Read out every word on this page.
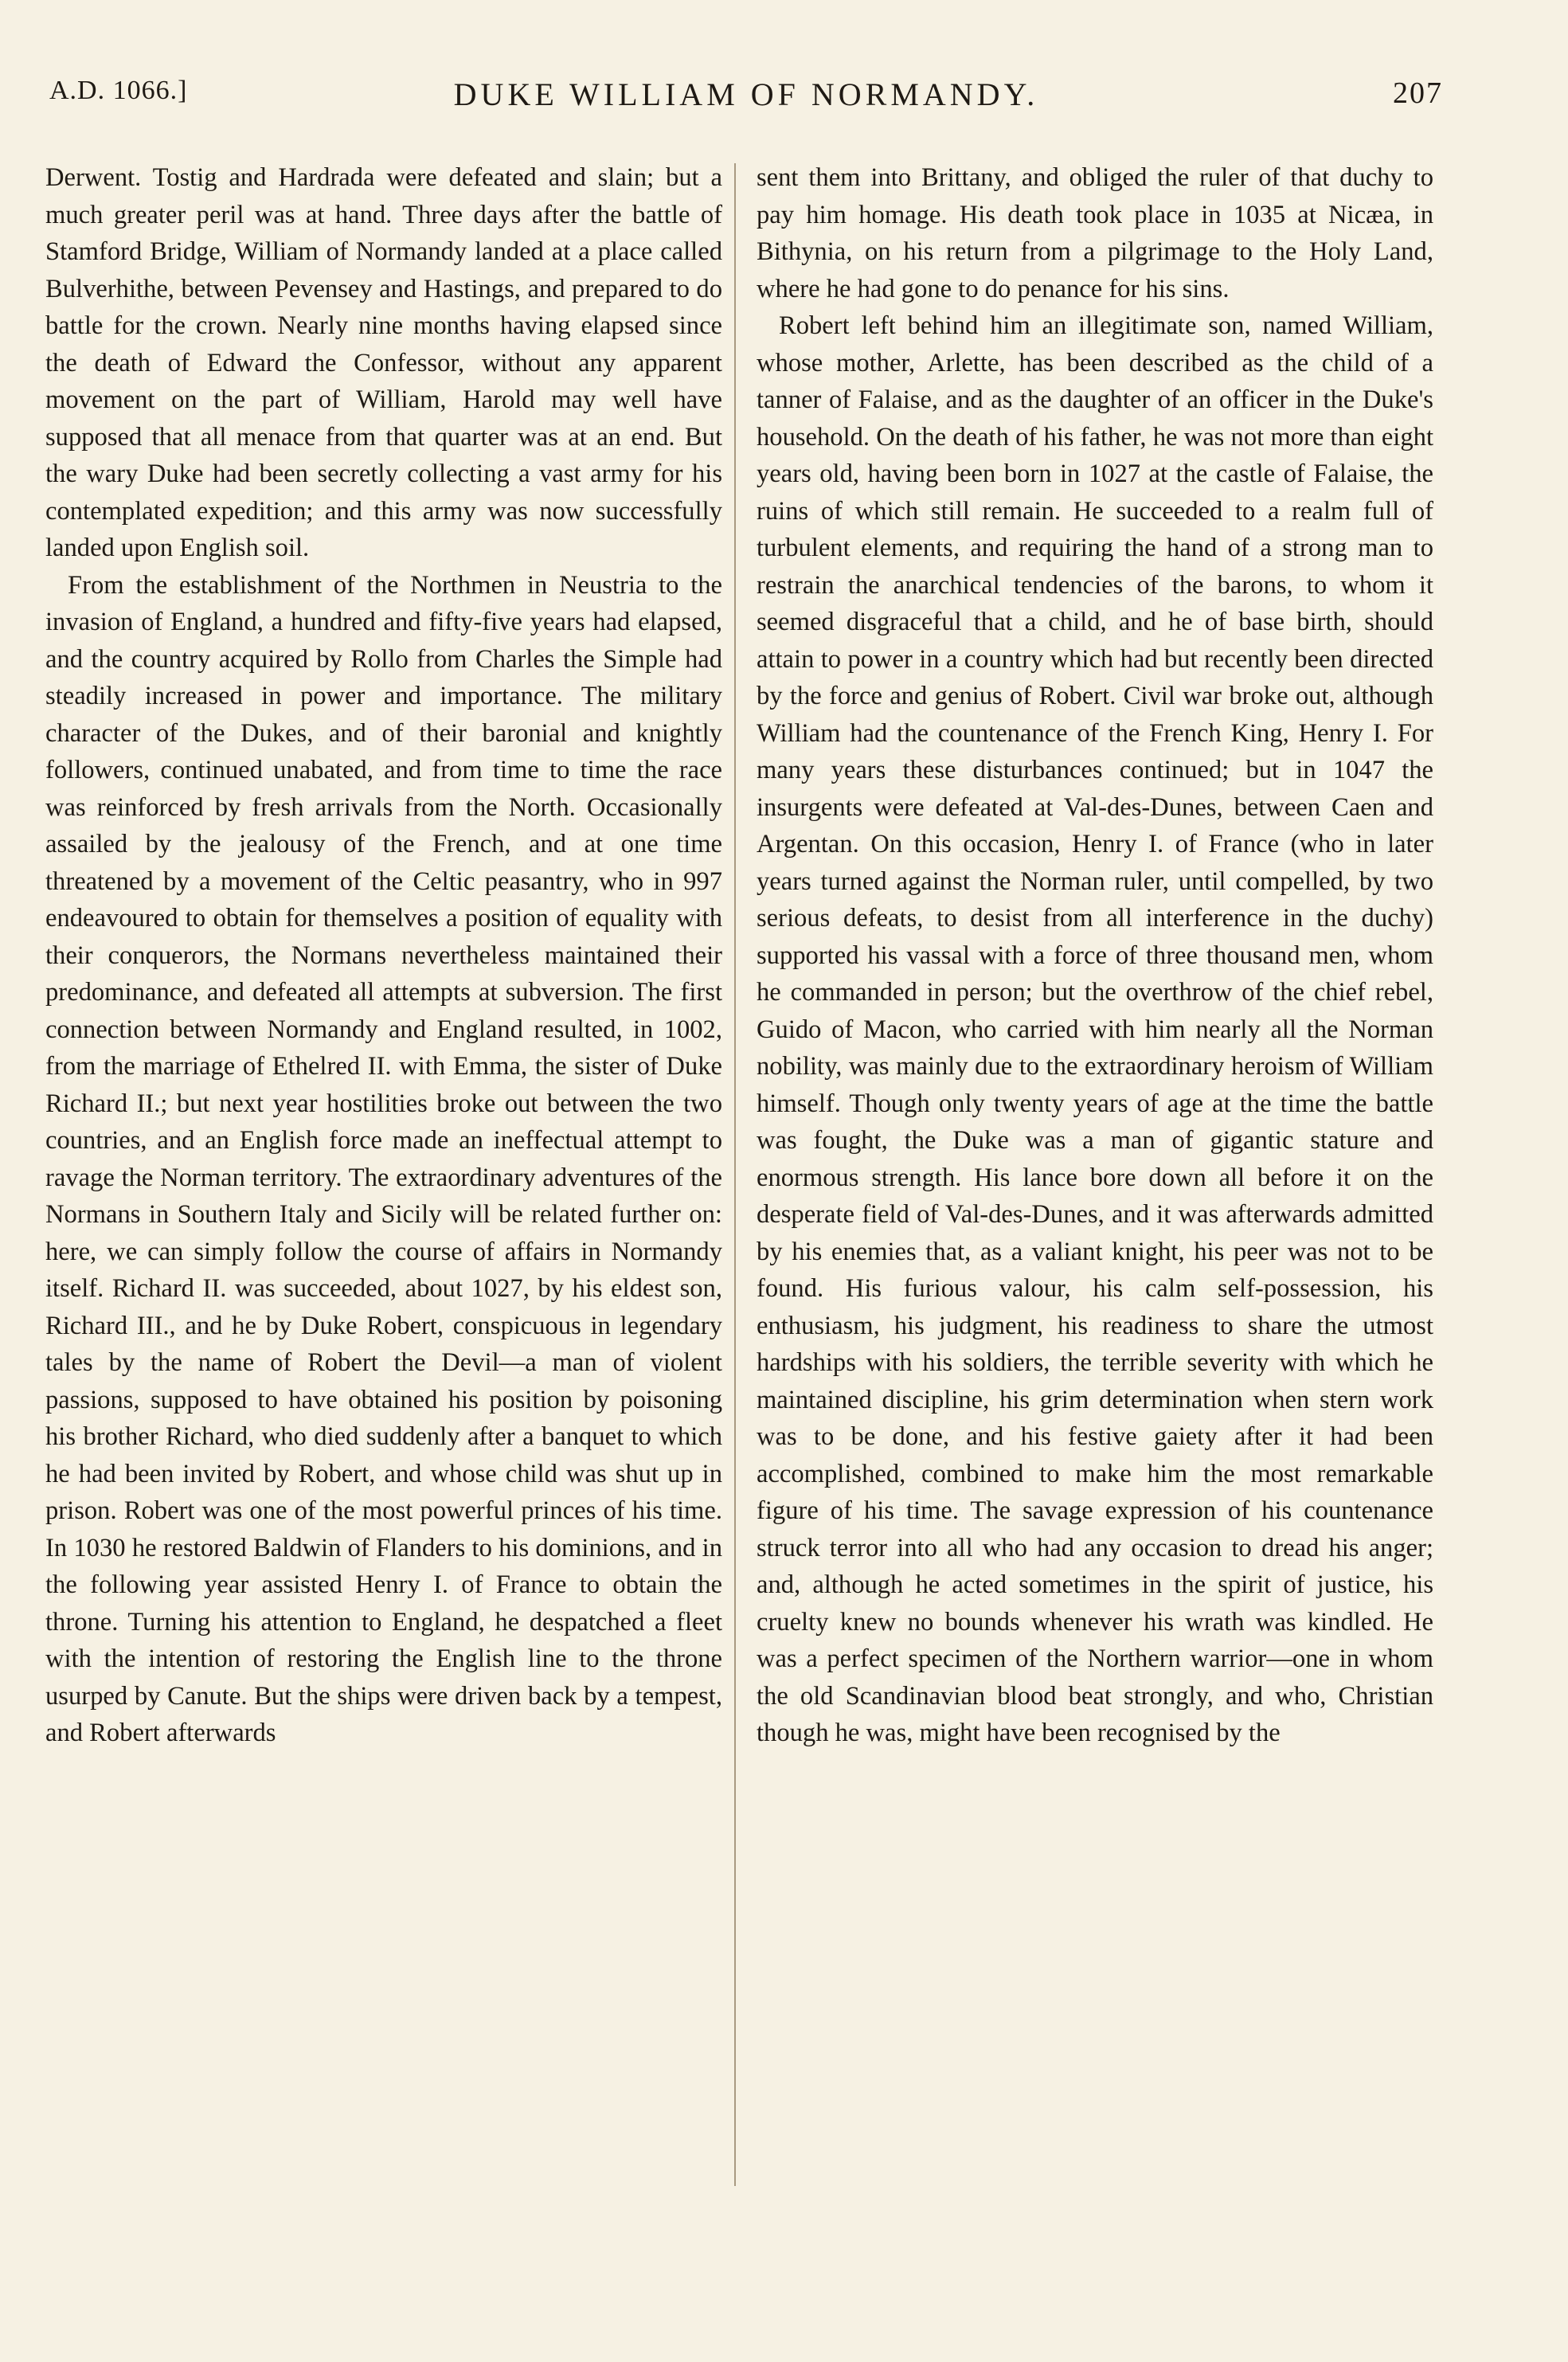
A.D. 1066.]	DUKE WILLIAM OF NORMANDY.	207

Derwent. Tostig and Hardrada were defeated and slain; but a much greater peril was at hand. Three days after the battle of Stamford Bridge, William of Normandy landed at a place called Bulverhithe, between Pevensey and Hastings, and prepared to do battle for the crown. Nearly nine months having elapsed since the death of Edward the Confessor, without any apparent movement on the part of William, Harold may well have supposed that all menace from that quarter was at an end. But the wary Duke had been secretly collecting a vast army for his contemplated expedition; and this army was now successfully landed upon English soil.

From the establishment of the Northmen in Neustria to the invasion of England, a hundred and fifty-five years had elapsed, and the country acquired by Rollo from Charles the Simple had steadily increased in power and importance. The military character of the Dukes, and of their baronial and knightly followers, continued unabated, and from time to time the race was reinforced by fresh arrivals from the North. Occasionally assailed by the jealousy of the French, and at one time threatened by a movement of the Celtic peasantry, who in 997 endeavoured to obtain for themselves a position of equality with their conquerors, the Normans nevertheless maintained their predominance, and defeated all attempts at subversion. The first connection between Normandy and England resulted, in 1002, from the marriage of Ethelred II. with Emma, the sister of Duke Richard II.; but next year hostilities broke out between the two countries, and an English force made an ineffectual attempt to ravage the Norman territory. The extraordinary adventures of the Normans in Southern Italy and Sicily will be related further on: here, we can simply follow the course of affairs in Normandy itself. Richard II. was succeeded, about 1027, by his eldest son, Richard III., and he by Duke Robert, conspicuous in legendary tales by the name of Robert the Devil—a man of violent passions, supposed to have obtained his position by poisoning his brother Richard, who died suddenly after a banquet to which he had been invited by Robert, and whose child was shut up in prison. Robert was one of the most powerful princes of his time. In 1030 he restored Baldwin of Flanders to his dominions, and in the following year assisted Henry I. of France to obtain the throne. Turning his attention to England, he despatched a fleet with the intention of restoring the English line to the throne usurped by Canute. But the ships were driven back by a tempest, and Robert afterwards

sent them into Brittany, and obliged the ruler of that duchy to pay him homage. His death took place in 1035 at Nicæa, in Bithynia, on his return from a pilgrimage to the Holy Land, where he had gone to do penance for his sins.

Robert left behind him an illegitimate son, named William, whose mother, Arlette, has been described as the child of a tanner of Falaise, and as the daughter of an officer in the Duke's household. On the death of his father, he was not more than eight years old, having been born in 1027 at the castle of Falaise, the ruins of which still remain. He succeeded to a realm full of turbulent elements, and requiring the hand of a strong man to restrain the anarchical tendencies of the barons, to whom it seemed disgraceful that a child, and he of base birth, should attain to power in a country which had but recently been directed by the force and genius of Robert. Civil war broke out, although William had the countenance of the French King, Henry I. For many years these disturbances continued; but in 1047 the insurgents were defeated at Val-des-Dunes, between Caen and Argentan. On this occasion, Henry I. of France (who in later years turned against the Norman ruler, until compelled, by two serious defeats, to desist from all interference in the duchy) supported his vassal with a force of three thousand men, whom he commanded in person; but the overthrow of the chief rebel, Guido of Macon, who carried with him nearly all the Norman nobility, was mainly due to the extraordinary heroism of William himself. Though only twenty years of age at the time the battle was fought, the Duke was a man of gigantic stature and enormous strength. His lance bore down all before it on the desperate field of Val-des-Dunes, and it was afterwards admitted by his enemies that, as a valiant knight, his peer was not to be found. His furious valour, his calm self-possession, his enthusiasm, his judgment, his readiness to share the utmost hardships with his soldiers, the terrible severity with which he maintained discipline, his grim determination when stern work was to be done, and his festive gaiety after it had been accomplished, combined to make him the most remarkable figure of his time. The savage expression of his countenance struck terror into all who had any occasion to dread his anger; and, although he acted sometimes in the spirit of justice, his cruelty knew no bounds whenever his wrath was kindled. He was a perfect specimen of the Northern warrior—one in whom the old Scandinavian blood beat strongly, and who, Christian though he was, might have been recognised by the
